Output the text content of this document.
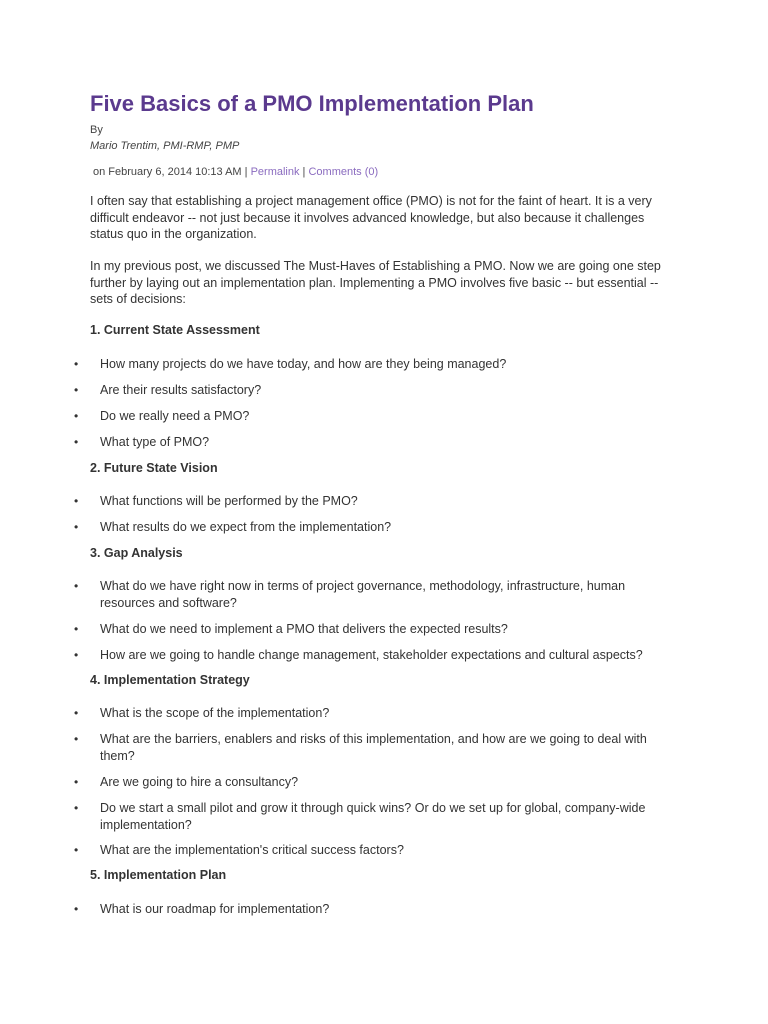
Five Basics of a PMO Implementation Plan
By
Mario Trentim, PMI-RMP, PMP
on February 6, 2014 10:13 AM | Permalink | Comments (0)

I often say that establishing a project management office (PMO) is not for the faint of heart. It is a very difficult endeavor -- not just because it involves advanced knowledge, but also because it challenges status quo in the organization.

In my previous post, we discussed The Must-Haves of Establishing a PMO. Now we are going one step further by laying out an implementation plan. Implementing a PMO involves five basic -- but essential -- sets of decisions:

1. Current State Assessment
• How many projects do we have today, and how are they being managed?
• Are their results satisfactory?
• Do we really need a PMO?
• What type of PMO?
2. Future State Vision
• What functions will be performed by the PMO?
• What results do we expect from the implementation?
3. Gap Analysis
• What do we have right now in terms of project governance, methodology, infrastructure, human resources and software?
• What do we need to implement a PMO that delivers the expected results?
• How are we going to handle change management, stakeholder expectations and cultural aspects?
4. Implementation Strategy
• What is the scope of the implementation?
• What are the barriers, enablers and risks of this implementation, and how are we going to deal with them?
• Are we going to hire a consultancy?
• Do we start a small pilot and grow it through quick wins? Or do we set up for global, company-wide implementation?
• What are the implementation's critical success factors?
5. Implementation Plan
• What is our roadmap for implementation?
